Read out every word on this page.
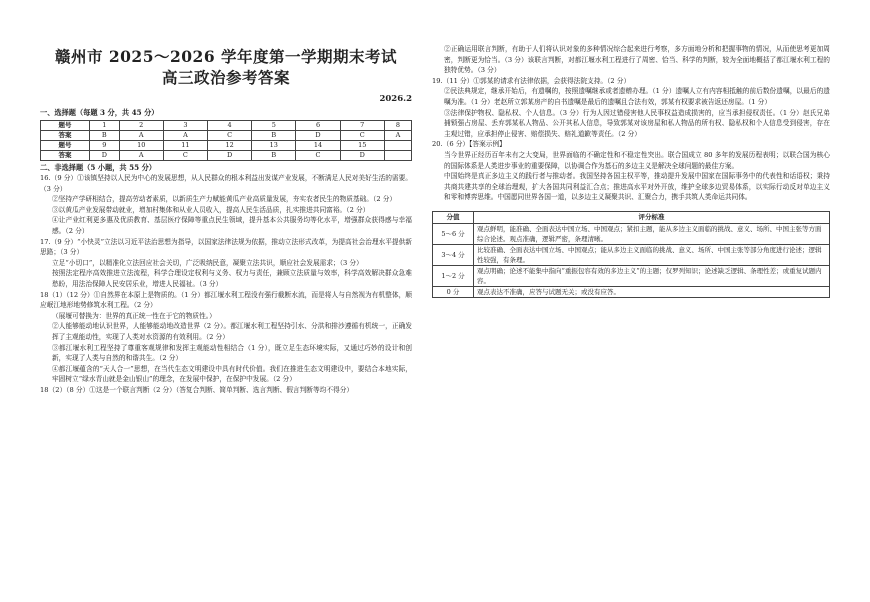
赣州市 2025～2026 学年度第一学期期末考试
高三政治参考答案
2026.2
一、选择题（每题 3 分，共 45 分）
题号	1	2	3	4	5	6	7	8
答案	B	A	A	C	B	D	C	A
题号	9	10	11	12	13	14	15	
答案	D	A	C	D	B	C	D	
二、非选择题（5 小题，共 55 分）

16.（9 分）①该镇坚持以人民为中心的发展思想，从人民群众的根本利益出发谋产业发展，不断满足人民对美好生活的需要。（3 分）

②坚持产学研相结合，提高劳动者素质，以新质生产力赋能黄瓜产业高质量发展，夯实农者民生的物质基础。（2 分）

③以黄瓜产业发展带动就业，增加村集体和从业人员收入，提高人民生活品质，扎实推进共同富裕。（2 分）

④让产业红利更多惠及优质教育、基层医疗保障等重点民生领域，提升基本公共服务均等化水平，增强群众获得感与幸福感。（2 分）

17.（9 分）“小快灵”立法以习近平法治思想为指导，以国家法律法规为依据，推动立法形式改革，为提高社会治理水平提供新思路；（3 分）

立足“小切口”，以精准化立法回应社会关切，广泛吸纳民意，凝聚立法共识，顺应社会发展需求；（3 分）

按照法定程序高效推进立法流程，科学合理设定权利与义务、权力与责任，兼顾立法质量与效率，科学高效解决群众急难愁盼，用法治保障人民安居乐业，增进人民福祉。（3 分）

18（1）（12 分）①自然界在本原上是物质的。（1 分）都江堰水利工程没有强行截断水流，而是将人与自然视为有机整体，顺应岷江地形地势修筑水利工程。（2 分）

（展堰可替换为：世界的真正统一性在于它的物质性。）

②人能够能动地认识世界，人能够能动地改造世界（2 分）。都江堰水利工程坚持引水、分洪和排沙遵循有机统一，正确发挥了主观能动性，实现了人类对水资源的有效利用。（2 分）

③都江堰水利工程坚持了尊重客观规律和发挥主观能动性相结合（1 分），既立足生态环境实际，又通过巧妙的设计和创新，实现了人类与自然的和谐共生。（2 分）

④都江堰蕴含的“天人合一”思想，在当代生态文明建设中具有时代价值。我们在推进生态文明建设中，要结合本地实际，牢固树立“绿水青山就是金山银山”的理念，在发展中保护，在保护中发展。（2 分）

18（2）（8 分）①这是一个联言判断（2 分）（答复合判断、简单判断、选言判断、假言判断等均不得分）

②正确运用联言判断，有助于人们将认识对象的多种情况综合起来进行考察，多方面地分析和把握事物的情况，从而使思考更加周密，判断更为恰当。（3 分）该联言判断，对都江堰水利工程进行了周密、恰当、科学的判断，较为全面地概括了都江堰水利工程的独特优势。（3 分）

19.（11 分）①郭某的请求有法律依据，会获得法院支持。（2 分）

②民法典规定，继承开始后，有遗嘱的，按照遗嘱继承或者遗赠办理。（1 分）遗嘱人立有内容相抵触的前后数份遗嘱，以最后的遗嘱为准。（1 分）老赵所立郭某房产的自书遗嘱是最后的遗嘱且合法有效，郭某有权要求被告返还房屋。（1 分）

③法律保护物权、隐私权、个人信息。（3 分）行为人因过错侵害他人民事权益造成损害的，应当承担侵权责任。（1 分）赵氏兄弟捕锁强占房屋、丢弃郭某私人物品、公开其私人信息，导致郭某对该房屋和私人物品的所有权、隐私权和个人信息受到侵害，存在主观过错，应承担停止侵害、赔偿损失、赔礼道歉等责任。（2 分）

20.（6 分）【答案示例】

当今世界正经历百年未有之大变局，世界面临的不确定性和不稳定性突出。联合国成立 80 多年的发展历程表明；以联合国为核心的国际体系是人类进步事业的重要保障，以协调合作为基石的多边主义是解决全球问题的最佳方案。

中国始终是真正多边主义的践行者与推动者。我国坚持各国主权平等，推动提升发展中国家在国际事务中的代表性和话语权；秉持共商共建共享的全球治理观，扩大各国共同利益汇合点；推进高水平对外开放，维护全球多边贸易体系，以实际行动反对单边主义和零和博弈思维。中国愿同世界各国一道，以多边主义凝聚共识、汇聚合力，携手共筑人类命运共同体。

分值	评分标准
5～6 分	观点鲜明，能准确、全面表达中国立场、中国观点；紧扣主题，能从多边主义面临的挑战、意义、场所、中国主张等方面综合论述。观点准确，逻辑严密，条理清晰。
3～4 分	比较准确、全面表达中国立场、中国观点；能从多边主义面临的挑战、意义、场所、中国主张等部分角度进行论述；逻辑性较强，有条理。
1～2 分	观点明确；论述不能集中指向“重振包容有效的多边主义”的主题；仅罗列知识；论述缺乏逻辑、条理性差；或重复试题内容。
0 分	观点表达不准确，应答与试题无关；或没有应答。
